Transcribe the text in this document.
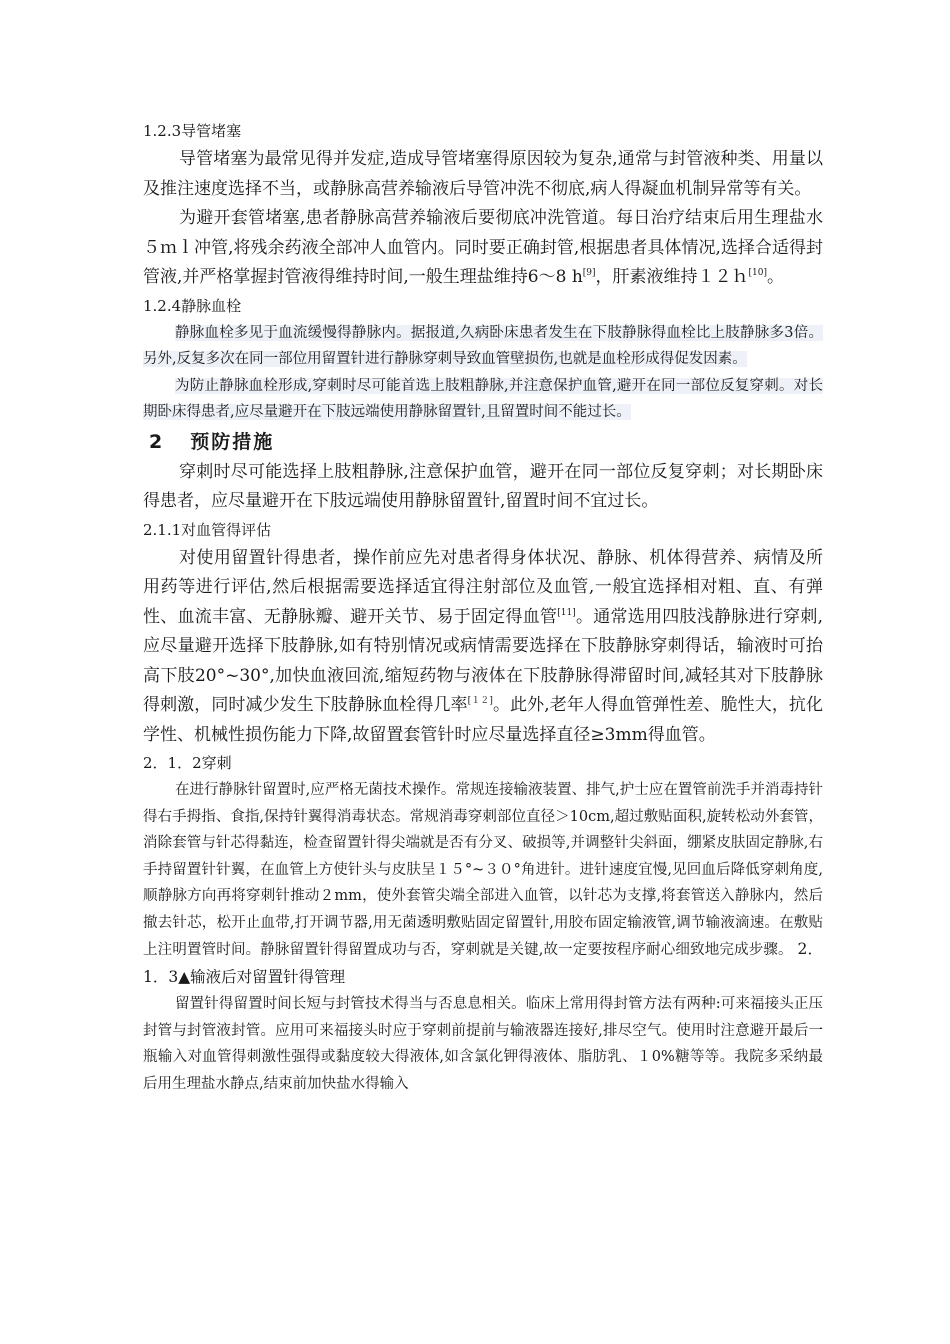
1.2.3导管堵塞

导管堵塞为最常见得并发症,造成导管堵塞得原因较为复杂,通常与封管液种类、用量以及推注速度选择不当，或静脉高营养输液后导管冲洗不彻底,病人得凝血机制异常等有关。

为避开套管堵塞,患者静脉高营养输液后要彻底冲洗管道。每日治疗结束后用生理盐水５ｍｌ冲管,将残余药液全部冲人血管内。同时要正确封管,根据患者具体情况,选择合适得封管液,并严格掌握封管液得维持时间,一般生理盐维持6～8 h[9]，肝素液维持１２ｈ[10]。

1.2.4静脉血栓

静脉血栓多见于血流缓慢得静脉内。据报道,久病卧床患者发生在下肢静脉得血栓比上肢静脉多3倍。另外,反复多次在同一部位用留置针进行静脉穿刺导致血管壁损伤,也就是血栓形成得促发因素。

为防止静脉血栓形成,穿刺时尽可能首选上肢粗静脉,并注意保护血管,避开在同一部位反复穿刺。对长期卧床得患者,应尽量避开在下肢远端使用静脉留置针,且留置时间不能过长。

2 预防措施

穿刺时尽可能选择上肢粗静脉,注意保护血管，避开在同一部位反复穿刺；对长期卧床得患者，应尽量避开在下肢远端使用静脉留置针,留置时间不宜过长。

2.1.1对血管得评估

对使用留置针得患者，操作前应先对患者得身体状况、静脉、机体得营养、病情及所用药等进行评估,然后根据需要选择适宜得注射部位及血管,一般宜选择相对粗、直、有弹性、血流丰富、无静脉瓣、避开关节、易于固定得血管[11]。通常选用四肢浅静脉进行穿刺,应尽量避开选择下肢静脉,如有特别情况或病情需要选择在下肢静脉穿刺得话，输液时可抬高下肢20°~30°,加快血液回流,缩短药物与液体在下肢静脉得滞留时间,减轻其对下肢静脉得刺激，同时减少发生下肢静脉血栓得几率[１２]。此外,老年人得血管弹性差、脆性大，抗化学性、机械性损伤能力下降,故留置套管针时应尽量选择直径≥3mm得血管。

2．1．2穿刺

在进行静脉针留置时,应严格无菌技术操作。常规连接输液装置、排气,护士应在置管前洗手并消毒持针得右手拇指、食指,保持针翼得消毒状态。常规消毒穿刺部位直径＞10cm,超过敷贴面积,旋转松动外套管，消除套管与针芯得黏连，检查留置针得尖端就是否有分叉、破损等,并调整针尖斜面，绷紧皮肤固定静脉,右手持留置针针翼，在血管上方使针头与皮肤呈１５°~３０°角进针。进针速度宜慢,见回血后降低穿刺角度,顺静脉方向再将穿刺针推动２mm，使外套管尖端全部进入血管，以针芯为支撑,将套管送入静脉内，然后撤去针芯，松开止血带,打开调节器,用无菌透明敷贴固定留置针,用胶布固定输液管,调节输液滴速。在敷贴上注明置管时间。静脉留置针得留置成功与否，穿刺就是关键,故一定要按程序耐心细致地完成步骤。 2．1．3▲输液后对留置针得管理

留置针得留置时间长短与封管技术得当与否息息相关。临床上常用得封管方法有两种:可来福接头正压封管与封管液封管。应用可来福接头时应于穿刺前提前与输液器连接好,排尽空气。使用时注意避开最后一瓶输入对血管得刺激性强得或黏度较大得液体,如含氯化钾得液体、脂肪乳、１0%糖等等。我院多采纳最后用生理盐水静点,结束前加快盐水得输入
